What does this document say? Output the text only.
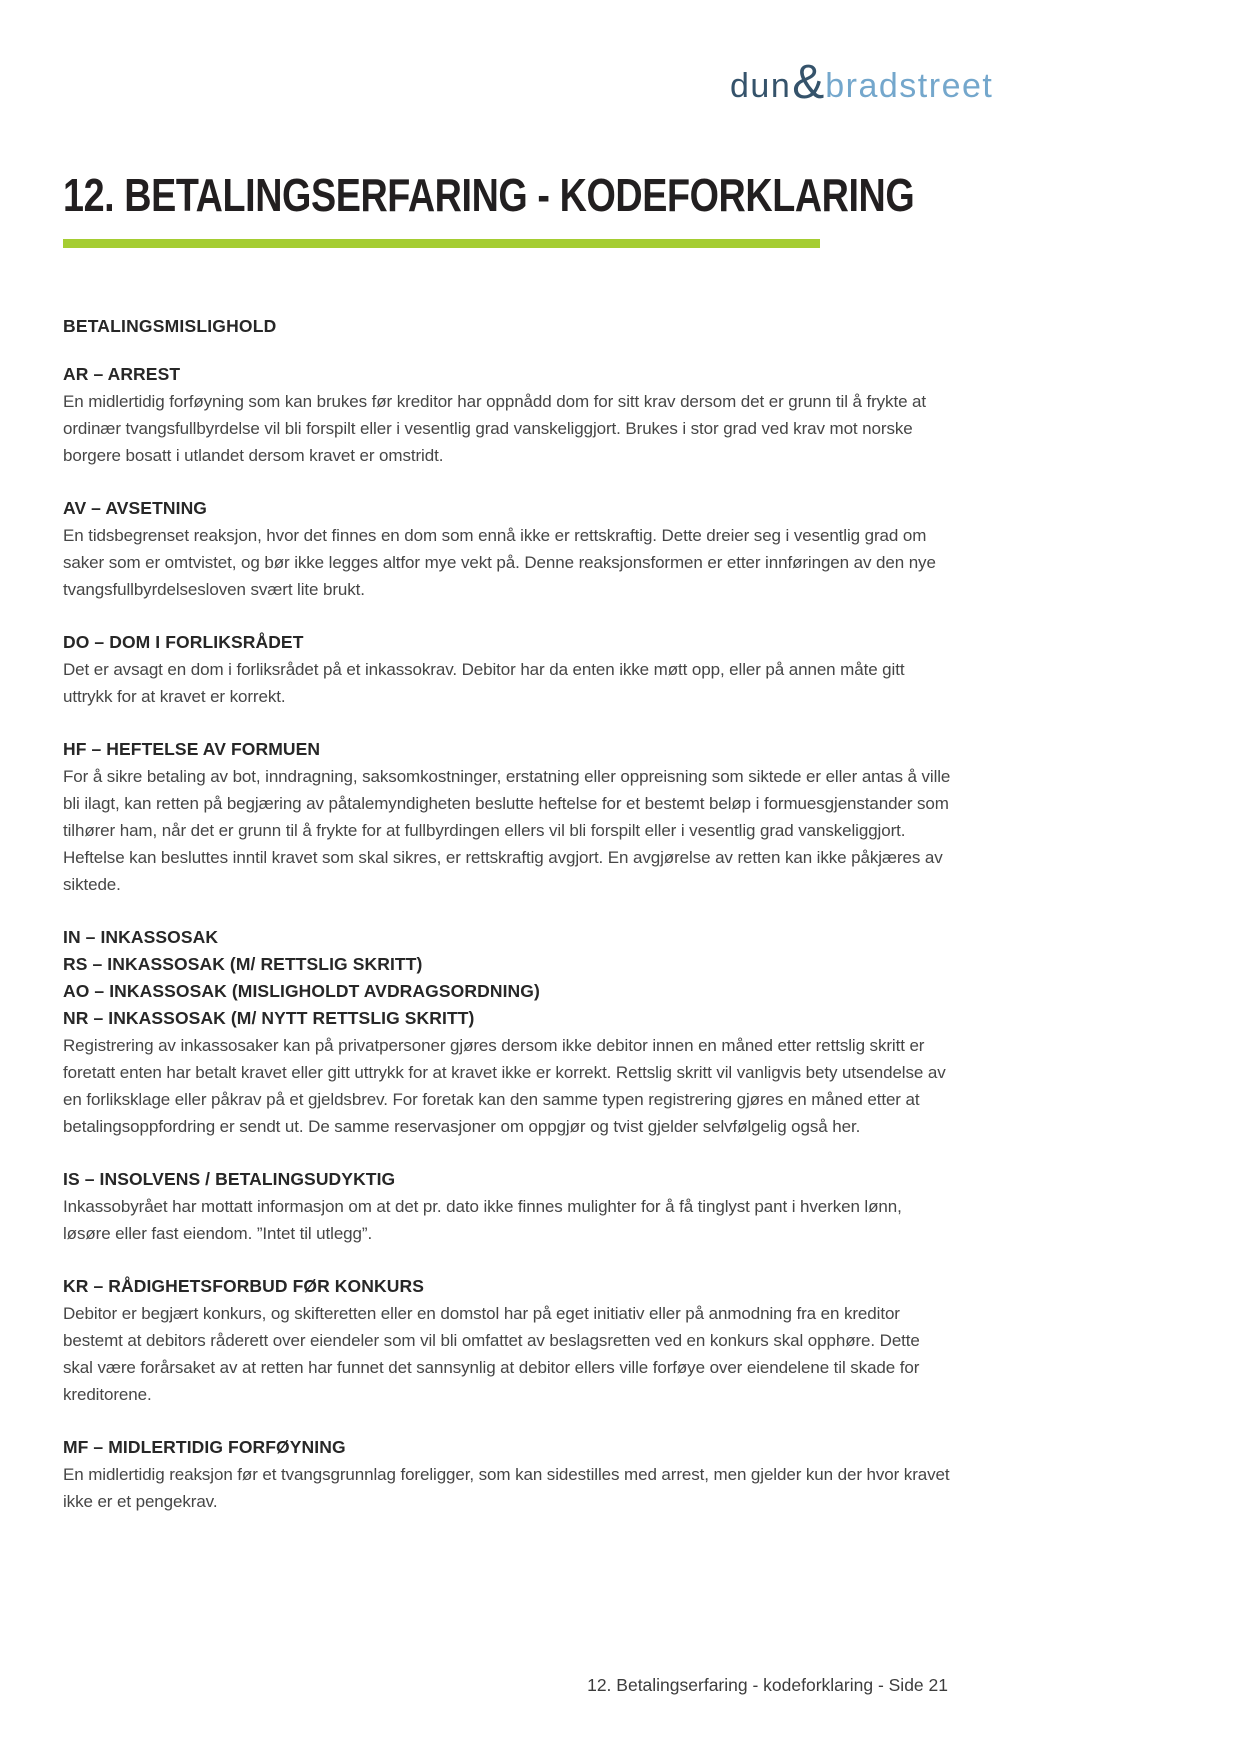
dun & bradstreet
12. BETALINGSERFARING - KODEFORKLARING
BETALINGSMISLIGHOLD
AR – ARREST

En midlertidig forføyning som kan brukes før kreditor har oppnådd dom for sitt krav dersom det er grunn til å frykte at ordinær tvangsfullbyrdelse vil bli forspilt eller i vesentlig grad vanskeliggjort. Brukes i stor grad ved krav mot norske borgere bosatt i utlandet dersom kravet er omstridt.

AV – AVSETNING

En tidsbegrenset reaksjon, hvor det finnes en dom som ennå ikke er rettskraftig. Dette dreier seg i vesentlig grad om saker som er omtvistet, og bør ikke legges altfor mye vekt på. Denne reaksjonsformen er etter innføringen av den nye tvangsfullbyrdelsesloven svært lite brukt.

DO – DOM I FORLIKSRÅDET

Det er avsagt en dom i forliksrådet på et inkassokrav. Debitor har da enten ikke møtt opp, eller på annen måte gitt uttrykk for at kravet er korrekt.

HF – HEFTELSE AV FORMUEN

For å sikre betaling av bot, inndragning, saksomkostninger, erstatning eller oppreisning som siktede er eller antas å ville bli ilagt, kan retten på begjæring av påtalemyndigheten beslutte heftelse for et bestemt beløp i formuesgjenstander som tilhører ham, når det er grunn til å frykte for at fullbyrdingen ellers vil bli forspilt eller i vesentlig grad vanskeliggjort. Heftelse kan besluttes inntil kravet som skal sikres, er rettskraftig avgjort. En avgjørelse av retten kan ikke påkjæres av siktede.

IN – INKASSOSAK
RS – INKASSOSAK (M/ RETTSLIG SKRITT)
AO – INKASSOSAK (MISLIGHOLDT AVDRAGSORDNING)
NR – INKASSOSAK (M/ NYTT RETTSLIG SKRITT)

Registrering av inkassosaker kan på privatpersoner gjøres dersom ikke debitor innen en måned etter rettslig skritt er foretatt enten har betalt kravet eller gitt uttrykk for at kravet ikke er korrekt. Rettslig skritt vil vanligvis bety utsendelse av en forliksklage eller påkrav på et gjeldsbrev. For foretak kan den samme typen registrering gjøres en måned etter at betalingsoppfordring er sendt ut. De samme reservasjoner om oppgjør og tvist gjelder selvfølgelig også her.

IS – INSOLVENS / BETALINGSUDYKTIG

Inkassobyrået har mottatt informasjon om at det pr. dato ikke finnes mulighter for å få tinglyst pant i hverken lønn, løsøre eller fast eiendom. ”Intet til utlegg”.

KR – RÅDIGHETSFORBUD FØR KONKURS

Debitor er begjært konkurs, og skifteretten eller en domstol har på eget initiativ eller på anmodning fra en kreditor bestemt at debitors råderett over eiendeler som vil bli omfattet av beslagsretten ved en konkurs skal opphøre. Dette skal være forårsaket av at retten har funnet det sannsynlig at debitor ellers ville forføye over eiendelene til skade for kreditorene.

MF – MIDLERTIDIG FORFØYNING

En midlertidig reaksjon før et tvangsgrunnlag foreligger, som kan sidestilles med arrest, men gjelder kun der hvor kravet ikke er et pengekrav.

12. Betalingserfaring - kodeforklaring - Side 21
